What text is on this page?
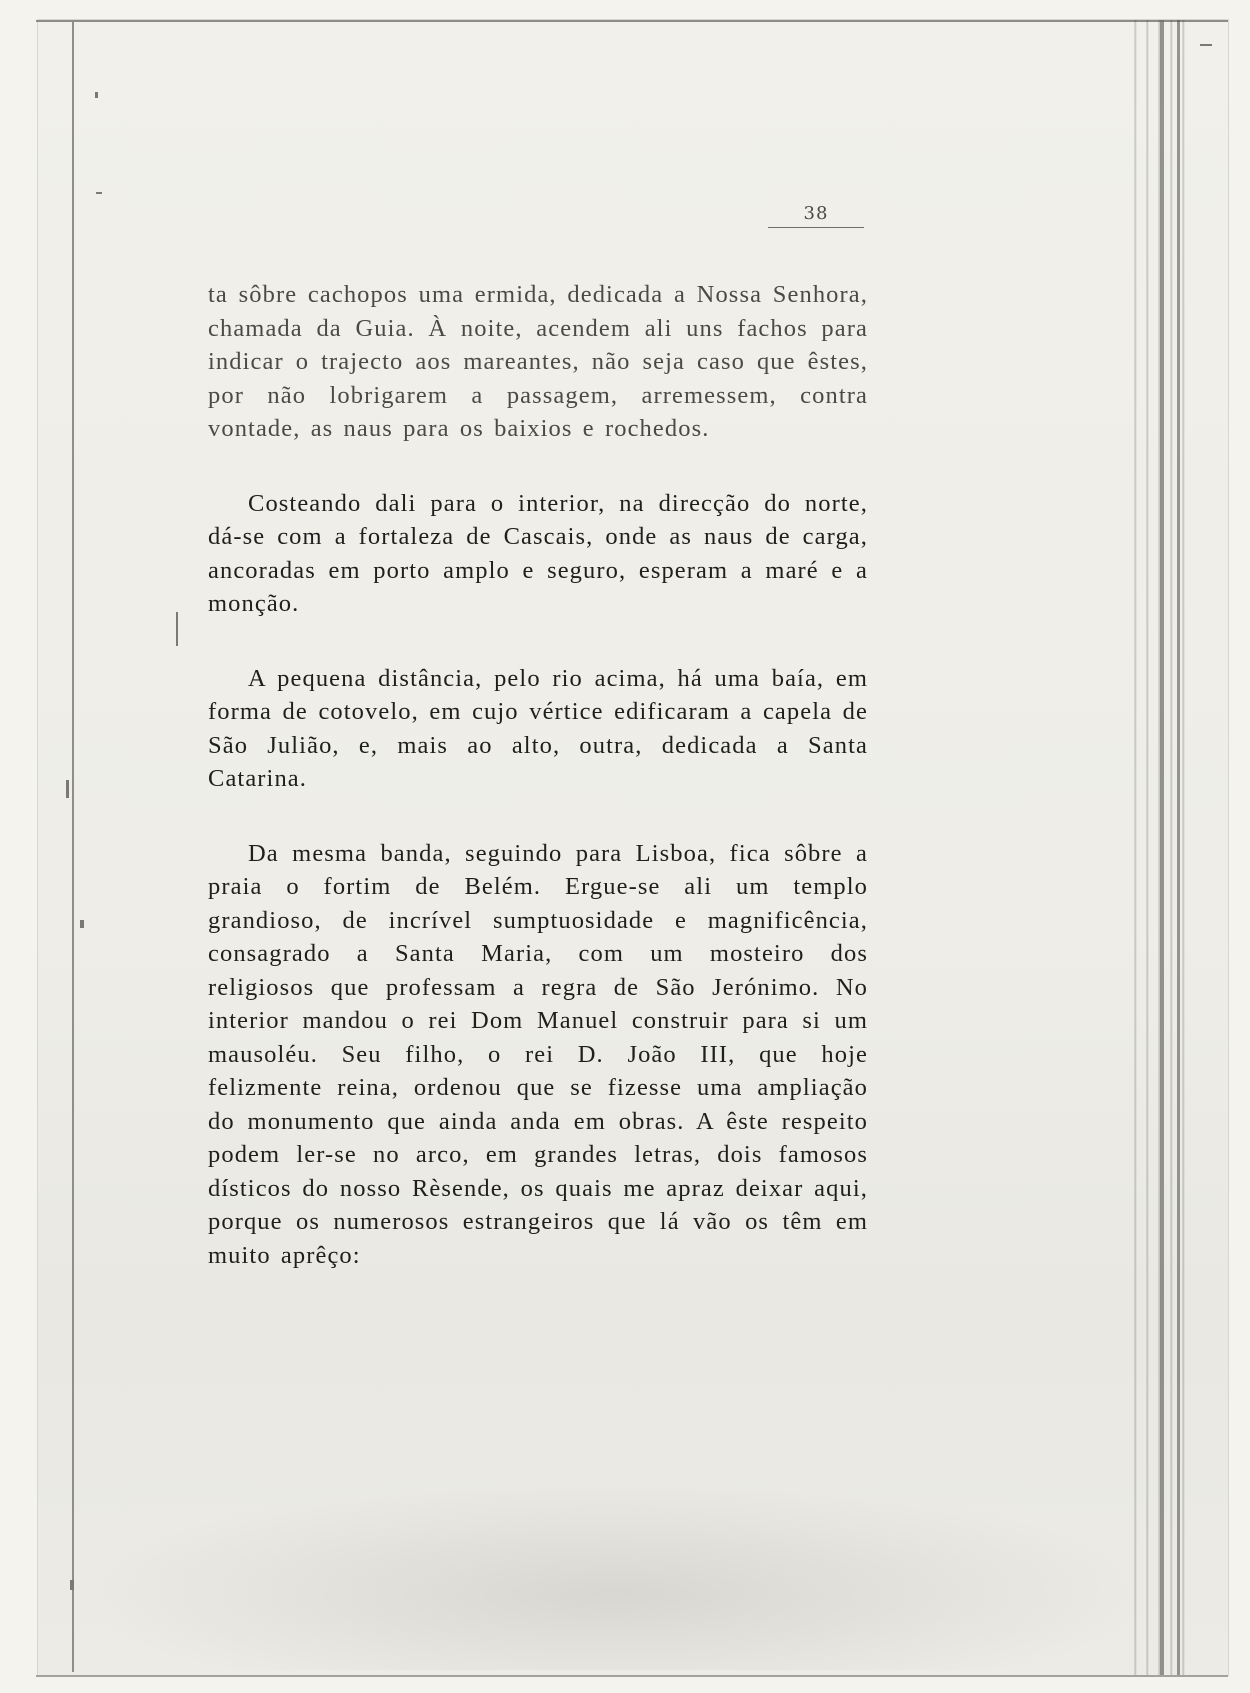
38

ta sôbre cachopos uma ermida, dedicada a Nossa Senhora, chamada da Guia. À noite, acendem ali uns fachos para indicar o trajecto aos mareantes, não seja caso que êstes, por não lobrigarem a passagem, arremessem, contra vontade, as naus para os baixios e rochedos.

Costeando dali para o interior, na direcção do norte, dá-se com a fortaleza de Cascais, onde as naus de carga, ancoradas em porto amplo e seguro, esperam a maré e a monção.

A pequena distância, pelo rio acima, há uma baía, em forma de cotovelo, em cujo vértice edificaram a capela de São Julião, e, mais ao alto, outra, dedicada a Santa Catarina.

Da mesma banda, seguindo para Lisboa, fica sôbre a praia o fortim de Belém. Ergue-se ali um templo grandioso, de incrível sumptuosidade e magnificência, consagrado a Santa Maria, com um mosteiro dos religiosos que professam a regra de São Jerónimo. No interior mandou o rei Dom Manuel construir para si um mausoléu. Seu filho, o rei D. João III, que hoje felizmente reina, ordenou que se fizesse uma ampliação do monumento que ainda anda em obras. A êste respeito podem ler-se no arco, em grandes letras, dois famosos dísticos do nosso Rèsende, os quais me apraz deixar aqui, porque os numerosos estrangeiros que lá vão os têm em muito aprêço:
